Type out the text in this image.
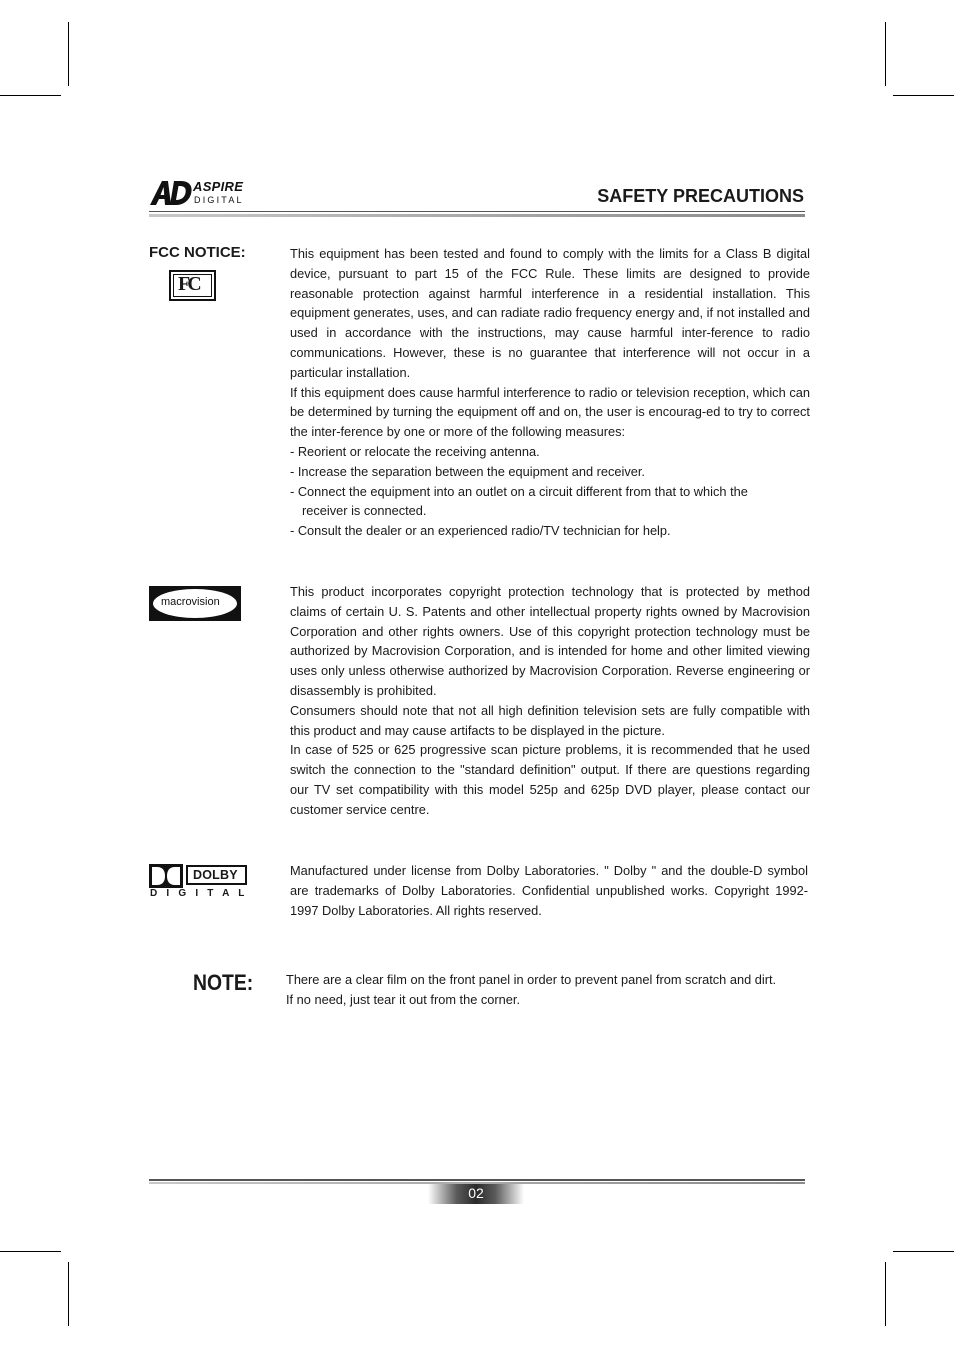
ASPIRE
DIGITAL	SAFETY PRECAUTIONS
FCC NOTICE:
FC

This equipment has been tested and found to comply with the limits for a Class B digital device, pursuant to part 15 of the FCC Rule. These limits are designed to provide reasonable protection against harmful interference in a residential installation. This equipment generates, uses, and can radiate radio frequency energy and, if not installed and used in accordance with the instructions, may cause harmful inter-ference to radio communications. However, these is no guarantee that interference will not occur in a particular installation.

If this equipment does cause harmful interference to radio or television reception, which can be determined by turning the equipment off and on, the user is encourag-ed to try to correct the inter-ference by one or more of the following measures:

- Reorient or relocate the receiving antenna.

- Increase the separation between the equipment and receiver.

- Connect the equipment into an outlet on a circuit different from that to which the

receiver is connected.

- Consult the dealer or an experienced radio/TV technician for help.

macrovision

This product incorporates copyright protection technology that is protected by method claims of certain U. S. Patents and other intellectual property rights owned by Macrovision Corporation and other rights owners. Use of this copyright protection technology must be authorized by Macrovision Corporation, and is intended for home and other limited viewing uses only unless otherwise authorized by Macrovision Corporation. Reverse engineering or disassembly is prohibited.

Consumers should note that not all high definition television sets are fully compatible with this product and may cause artifacts to be displayed in the picture.

In case of 525 or 625 progressive scan picture problems, it is recommended that he used switch the connection to the "standard definition" output. If there are questions regarding our TV set compatibility with this model 525p and 625p DVD player, please contact our customer service centre.

DOLBY
D I G I T A L

Manufactured under license from Dolby Laboratories. " Dolby " and the double-D symbol are trademarks of Dolby Laboratories. Confidential unpublished works. Copyright 1992-1997 Dolby Laboratories. All rights reserved.

NOTE:	There are a clear film on the front panel in order to prevent panel from scratch and dirt.

If no need, just tear it out from the corner.

02
